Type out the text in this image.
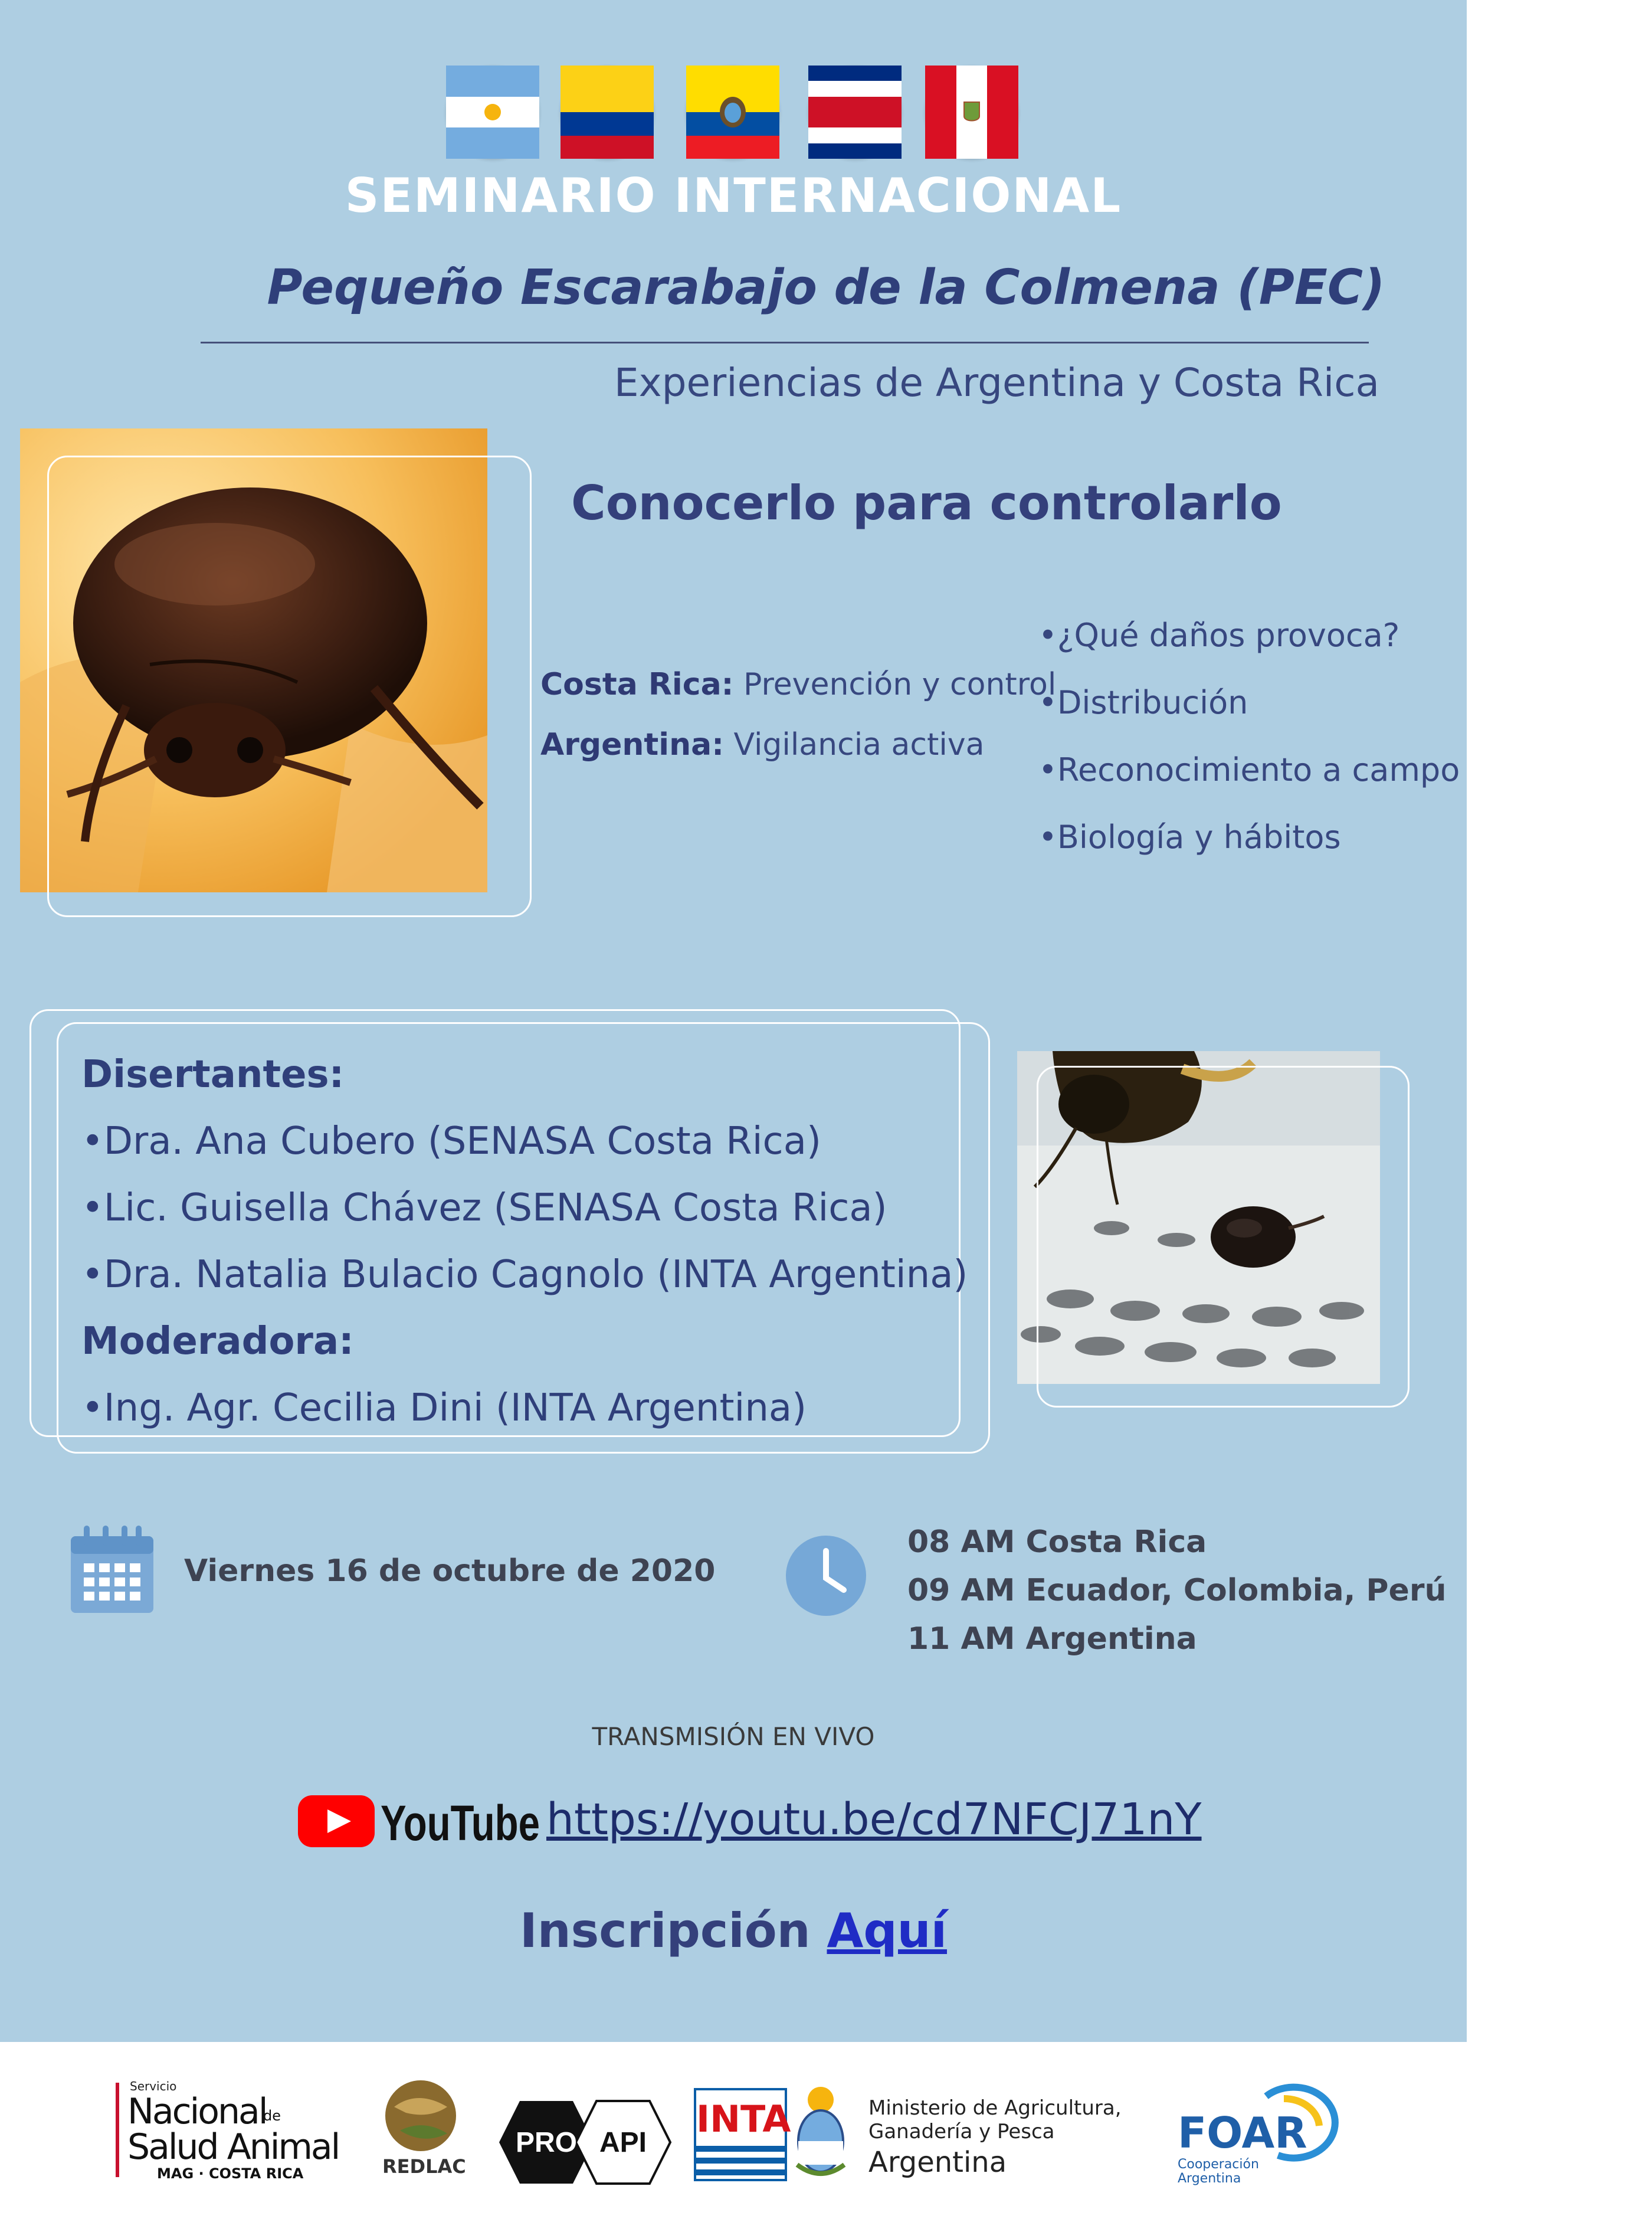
SEMINARIO INTERNACIONAL
Pequeño Escarabajo de la Colmena (PEC)
Experiencias de Argentina y Costa Rica
Conocerlo para controlarlo
Costa Rica: Prevención y control
Argentina: Vigilancia activa
•¿Qué daños provoca?
•Distribución
•Reconocimiento a campo
•Biología y hábitos
Disertantes:
•Dra. Ana Cubero (SENASA Costa Rica)
•Lic. Guisella Chávez (SENASA Costa Rica)
•Dra. Natalia Bulacio Cagnolo (INTA Argentina)
Moderadora:
•Ing. Agr. Cecilia Dini (INTA Argentina)
Viernes 16 de octubre de 2020
08 AM Costa Rica
09 AM Ecuador, Colombia, Perú
11 AM Argentina
TRANSMISIÓN EN VIVO
YouTube https://youtu.be/cd7NFCJ71nY
Inscripción Aquí
Servicio
Nacional
de
Salud Animal
MAG · COSTA RICA	REDLAC
PRO API
INTA	Ministerio de Agricultura,
Ganadería y Pesca
Argentina
FOAR
Cooperación
Argentina
